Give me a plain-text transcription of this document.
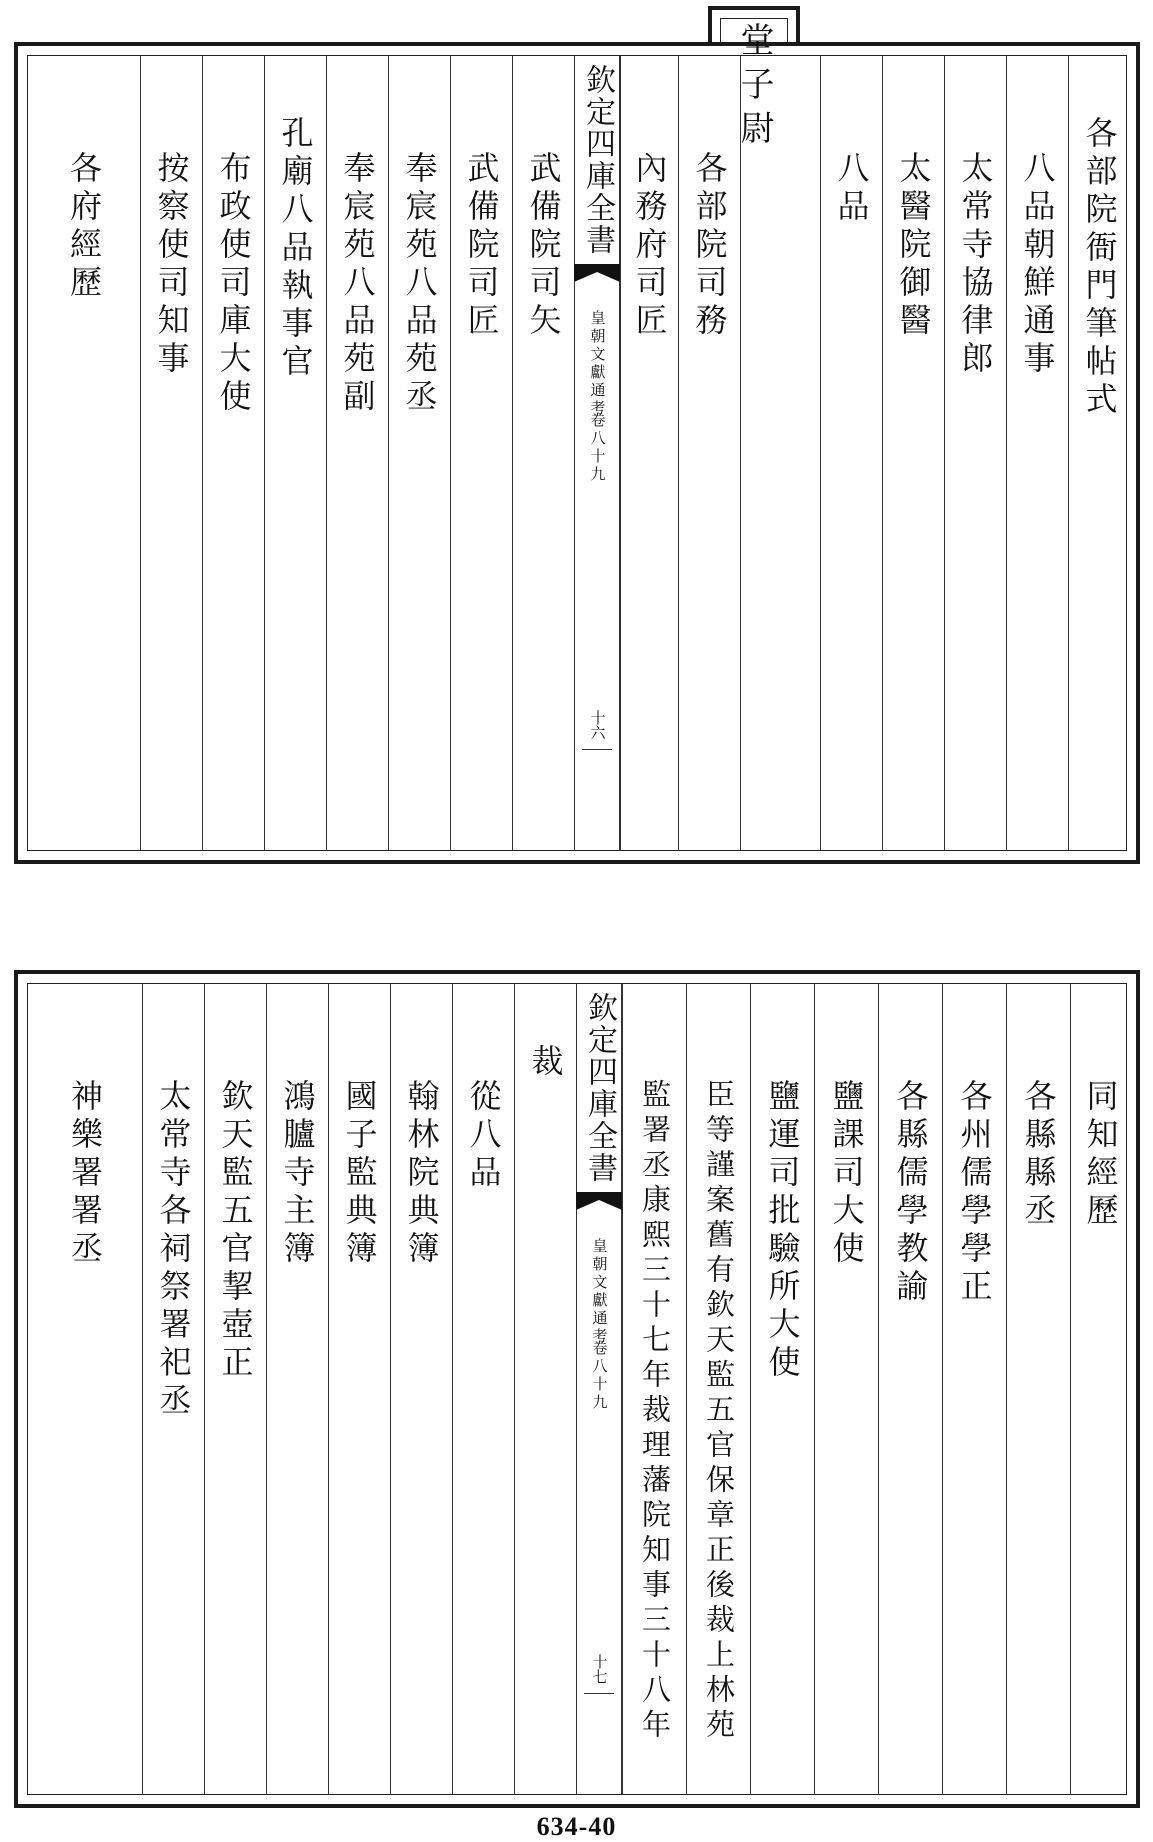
各部院衙門筆帖式
八品朝鮮通事
太常寺協律郎
太醫院御醫
八品
各部院司務
內務府司匠
欽定四庫全書
皇朝文獻通考
卷八十九
十六
武備院司矢
武備院司匠
奉宸苑八品苑丞
奉宸苑八品苑副
孔廟八品執事官
布政使司庫大使
按察使司知事
各府經歷
堂子尉
同知經歷
各縣縣丞
各州儒學學正
各縣儒學教諭
鹽課司大使
鹽運司批驗所大使
臣等謹案舊有欽天監五官保章正後裁上林苑
監署丞康熙三十七年裁理藩院知事三十八年
欽定四庫全書
皇朝文獻通考
卷八十九
十七
裁
從八品
翰林院典簿
國子監典簿
鴻臚寺主簿
欽天監五官挈壺正
太常寺各祠祭署祀丞
神樂署署丞
634-40
